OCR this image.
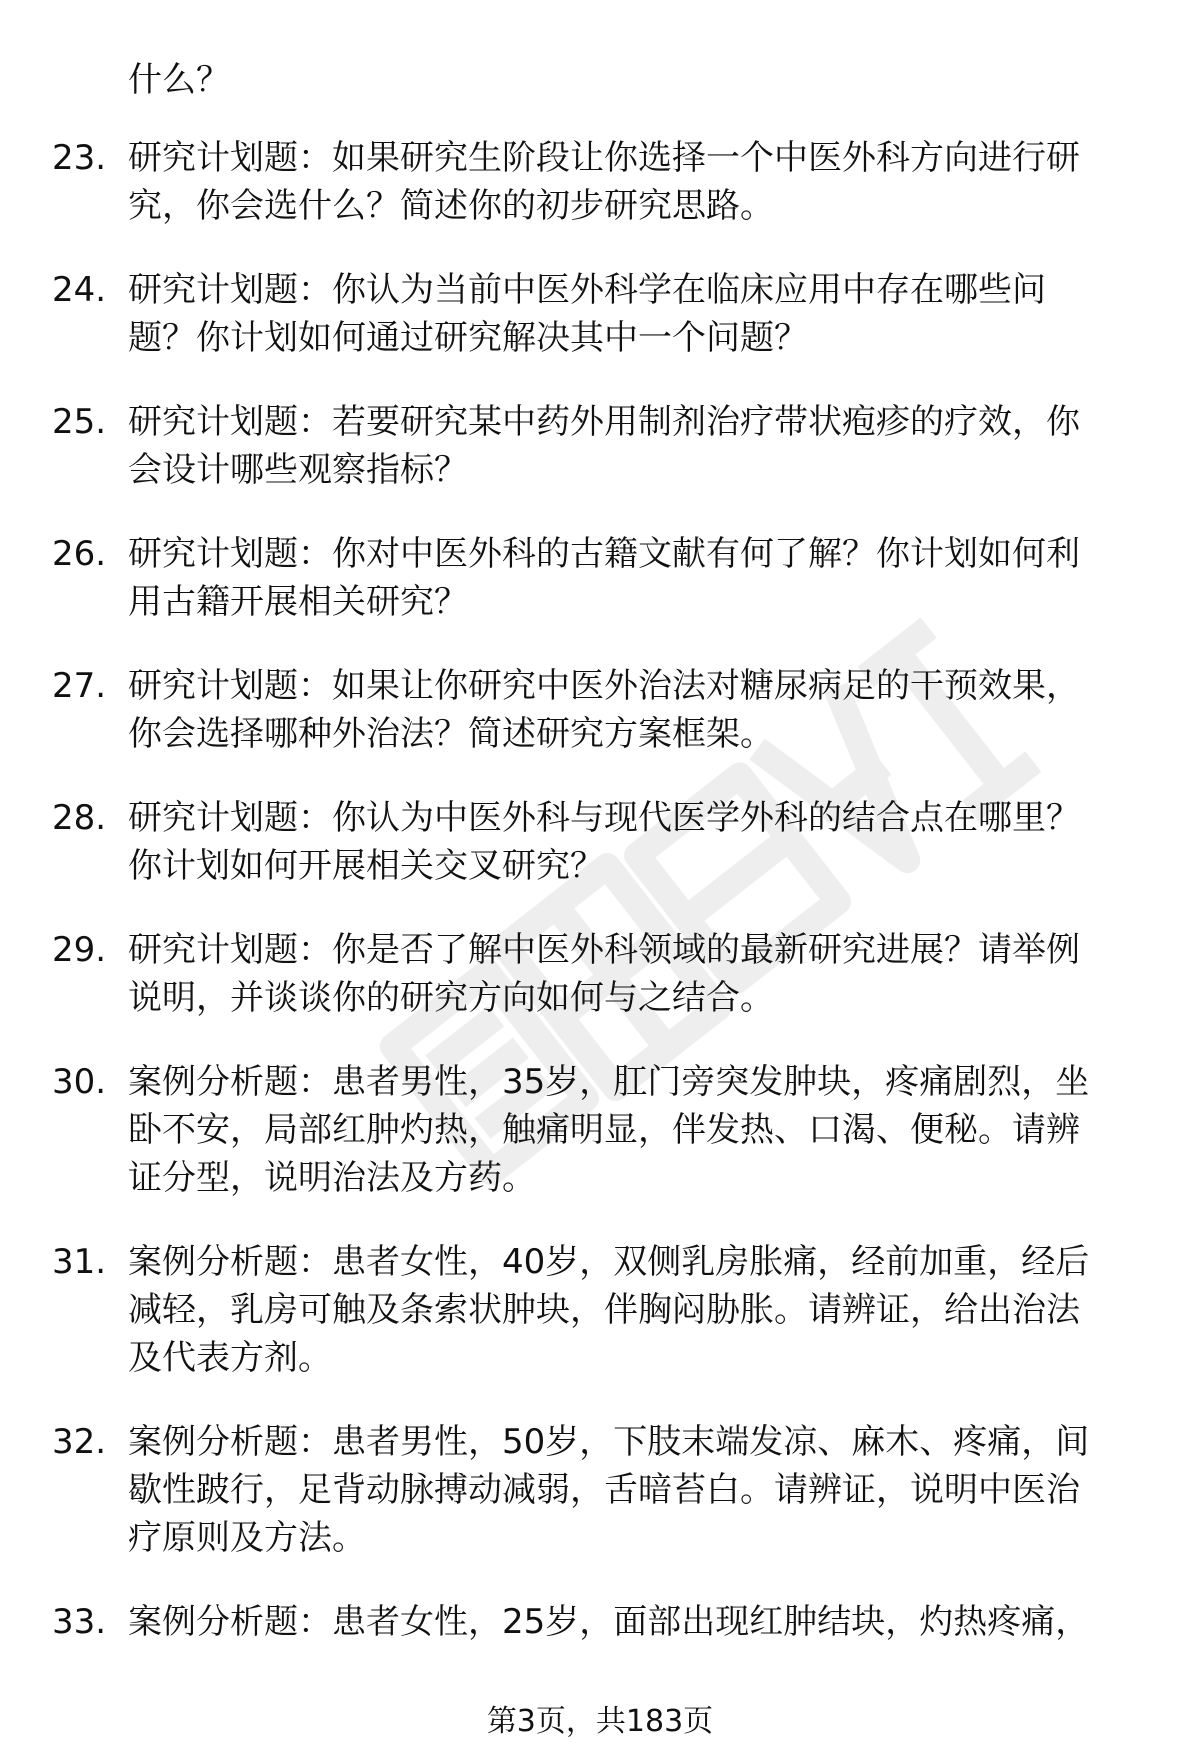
什么？

23. 研究计划题：如果研究生阶段让你选择一个中医外科方向进行研
究，你会选什么？简述你的初步研究思路。
24. 研究计划题：你认为当前中医外科学在临床应用中存在哪些问
题？你计划如何通过研究解决其中一个问题？
25. 研究计划题：若要研究某中药外用制剂治疗带状疱疹的疗效，你
会设计哪些观察指标？
26. 研究计划题：你对中医外科的古籍文献有何了解？你计划如何利
用古籍开展相关研究？
27. 研究计划题：如果让你研究中医外治法对糖尿病足的干预效果，
你会选择哪种外治法？简述研究方案框架。
28. 研究计划题：你认为中医外科与现代医学外科的结合点在哪里？
你计划如何开展相关交叉研究？
29. 研究计划题：你是否了解中医外科领域的最新研究进展？请举例
说明，并谈谈你的研究方向如何与之结合。
30. 案例分析题：患者男性，35岁，肛门旁突发肿块，疼痛剧烈，坐
卧不安，局部红肿灼热，触痛明显，伴发热、口渴、便秘。请辨
证分型，说明治法及方药。
31. 案例分析题：患者女性，40岁，双侧乳房胀痛，经前加重，经后
减轻，乳房可触及条索状肿块，伴胸闷胁胀。请辨证，给出治法
及代表方剂。
32. 案例分析题：患者男性，50岁，下肢末端发凉、麻木、疼痛，间
歇性跛行，足背动脉搏动减弱，舌暗苔白。请辨证，说明中医治
疗原则及方法。
33. 案例分析题：患者女性，25岁，面部出现红肿结块，灼热疼痛，
第3页，共183页
